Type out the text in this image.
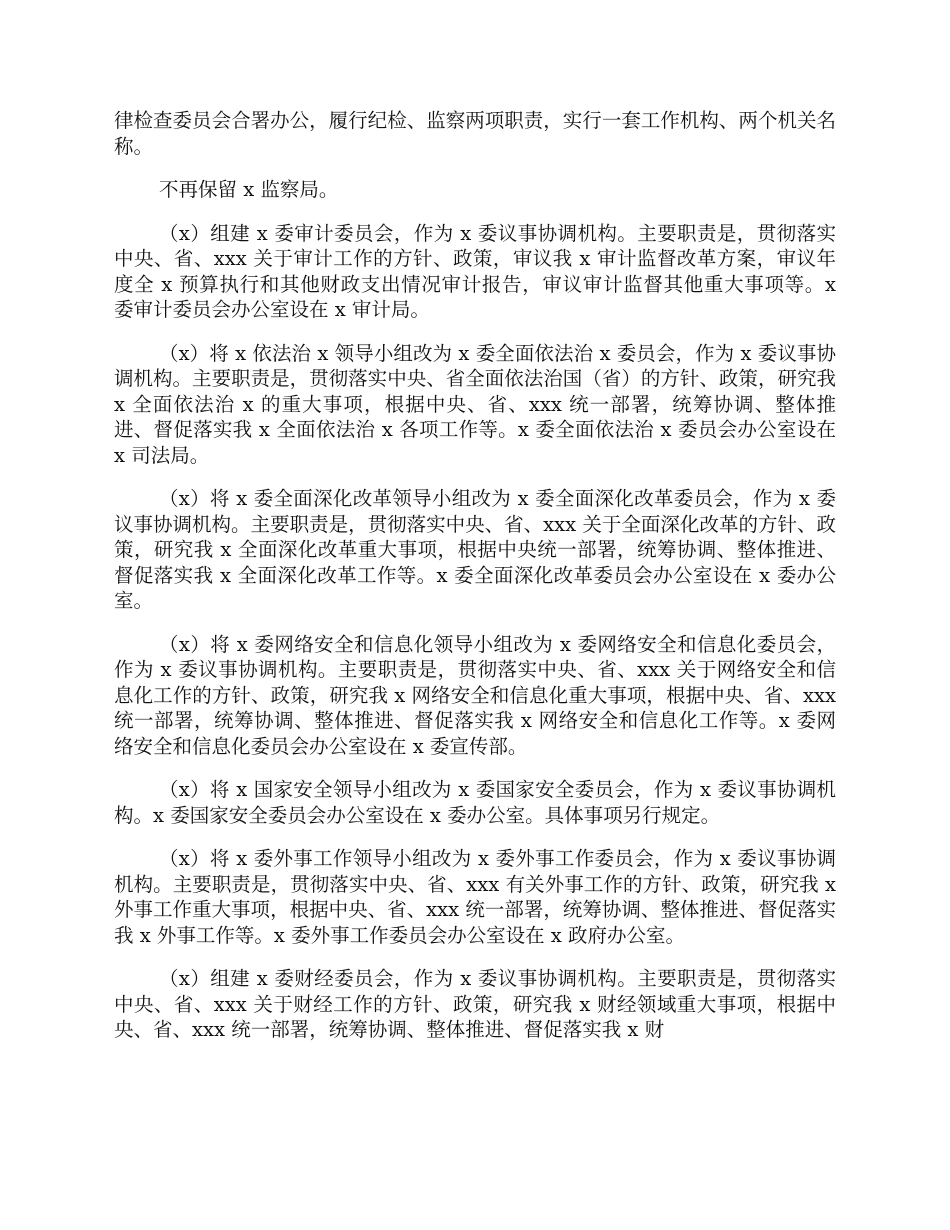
律检查委员会合署办公，履行纪检、监察两项职责，实行一套工作机构、两个机关名称。

不再保留 x 监察局。

（x）组建 x 委审计委员会，作为 x 委议事协调机构。主要职责是，贯彻落实中央、省、xxx 关于审计工作的方针、政策，审议我 x 审计监督改革方案，审议年度全 x 预算执行和其他财政支出情况审计报告，审议审计监督其他重大事项等。x 委审计委员会办公室设在 x 审计局。

（x）将 x 依法治 x 领导小组改为 x 委全面依法治 x 委员会，作为 x 委议事协调机构。主要职责是，贯彻落实中央、省全面依法治国（省）的方针、政策，研究我 x 全面依法治 x 的重大事项，根据中央、省、xxx 统一部署，统筹协调、整体推进、督促落实我 x 全面依法治 x 各项工作等。x 委全面依法治 x 委员会办公室设在 x 司法局。

（x）将 x 委全面深化改革领导小组改为 x 委全面深化改革委员会，作为 x 委议事协调机构。主要职责是，贯彻落实中央、省、xxx 关于全面深化改革的方针、政策，研究我 x 全面深化改革重大事项，根据中央统一部署，统筹协调、整体推进、督促落实我 x 全面深化改革工作等。x 委全面深化改革委员会办公室设在 x 委办公室。

（x）将 x 委网络安全和信息化领导小组改为 x 委网络安全和信息化委员会，作为 x 委议事协调机构。主要职责是，贯彻落实中央、省、xxx 关于网络安全和信息化工作的方针、政策，研究我 x 网络安全和信息化重大事项，根据中央、省、xxx 统一部署，统筹协调、整体推进、督促落实我 x 网络安全和信息化工作等。x 委网络安全和信息化委员会办公室设在 x 委宣传部。

（x）将 x 国家安全领导小组改为 x 委国家安全委员会，作为 x 委议事协调机构。x 委国家安全委员会办公室设在 x 委办公室。具体事项另行规定。

（x）将 x 委外事工作领导小组改为 x 委外事工作委员会，作为 x 委议事协调机构。主要职责是，贯彻落实中央、省、xxx 有关外事工作的方针、政策，研究我 x 外事工作重大事项，根据中央、省、xxx 统一部署，统筹协调、整体推进、督促落实我 x 外事工作等。x 委外事工作委员会办公室设在 x 政府办公室。

（x）组建 x 委财经委员会，作为 x 委议事协调机构。主要职责是，贯彻落实中央、省、xxx 关于财经工作的方针、政策，研究我 x 财经领域重大事项，根据中央、省、xxx 统一部署，统筹协调、整体推进、督促落实我 x 财
